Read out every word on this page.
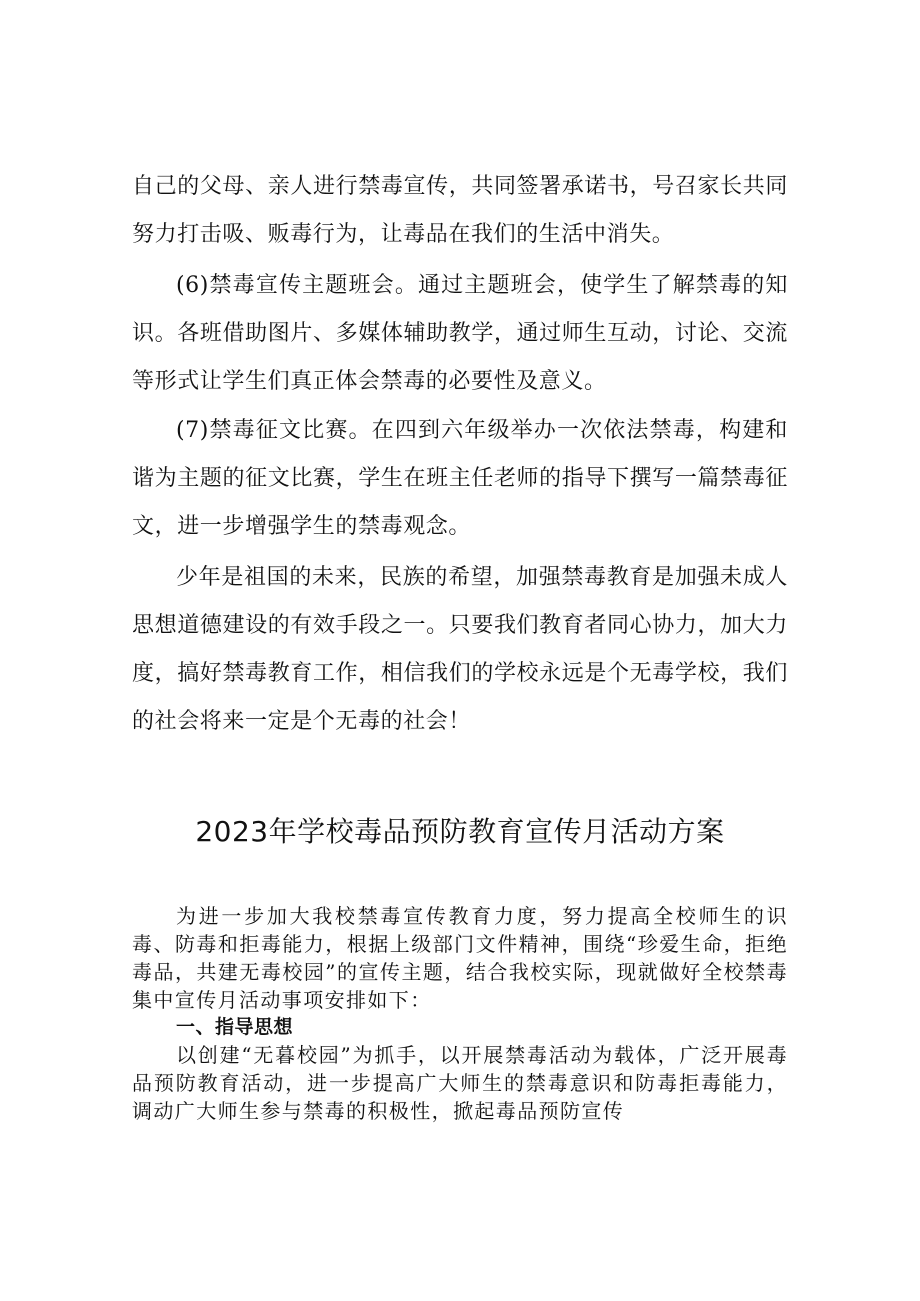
自己的父母、亲人进行禁毒宣传，共同签署承诺书，号召家长共同努力打击吸、贩毒行为，让毒品在我们的生活中消失。

(6)禁毒宣传主题班会。通过主题班会，使学生了解禁毒的知识。各班借助图片、多媒体辅助教学，通过师生互动，讨论、交流等形式让学生们真正体会禁毒的必要性及意义。

(7)禁毒征文比赛。在四到六年级举办一次依法禁毒，构建和谐为主题的征文比赛，学生在班主任老师的指导下撰写一篇禁毒征文，进一步增强学生的禁毒观念。

少年是祖国的未来，民族的希望，加强禁毒教育是加强未成人思想道德建设的有效手段之一。只要我们教育者同心协力，加大力度，搞好禁毒教育工作，相信我们的学校永远是个无毒学校，我们的社会将来一定是个无毒的社会！

2023年学校毒品预防教育宣传月活动方案

为进一步加大我校禁毒宣传教育力度，努力提高全校师生的识毒、防毒和拒毒能力，根据上级部门文件精神，围绕“珍爱生命，拒绝毒品，共建无毒校园”的宣传主题，结合我校实际，现就做好全校禁毒集中宣传月活动事项安排如下：

一、指导思想

以创建“无暮校园”为抓手，以开展禁毒活动为载体，广泛开展毒品预防教育活动，进一步提高广大师生的禁毒意识和防毒拒毒能力，调动广大师生参与禁毒的积极性，掀起毒品预防宣传
